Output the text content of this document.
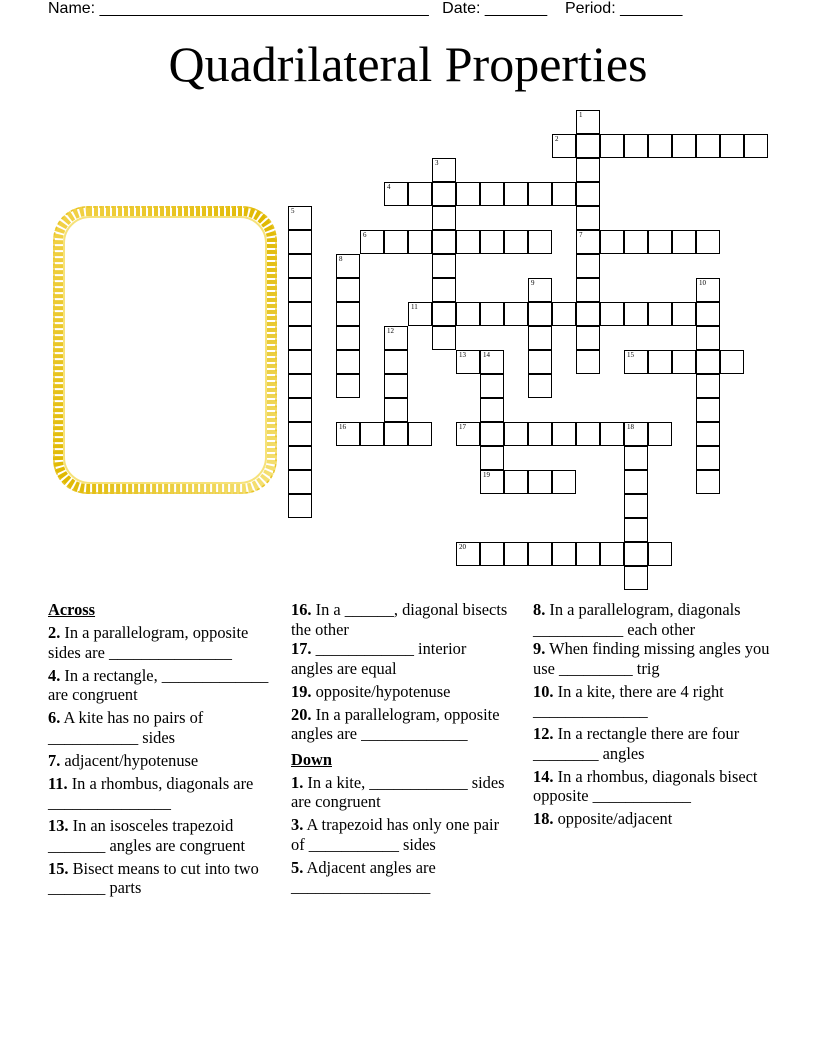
Name: _____________________________________ Date: _______ Period: _______
Quadrilateral Properties
1
7
2
3
4
5
6
8
9	10
11
12
13 14
19
15
16	17	18
20
Across
2. In a parallelogram, opposite sides are _______________
4. In a rectangle, _____________ are congruent
6. A kite has no pairs of ___________ sides
7. adjacent/hypotenuse
11. In a rhombus, diagonals are _______________
13. In an isosceles trapezoid _______ angles are congruent
15. Bisect means to cut into two _______ parts
16. In a ______, diagonal bisects the other
17. ____________ interior angles are equal
19. opposite/hypotenuse
20. In a parallelogram, opposite angles are _____________
Down
1. In a kite, ____________ sides are congruent
3. A trapezoid has only one pair of ___________ sides
5. Adjacent angles are _________________
8. In a parallelogram, diagonals ___________ each other
9. When finding missing angles you use _________ trig
10. In a kite, there are 4 right ______________
12. In a rectangle there are four ________ angles
14. In a rhombus, diagonals bisect opposite ____________
18. opposite/adjacent
